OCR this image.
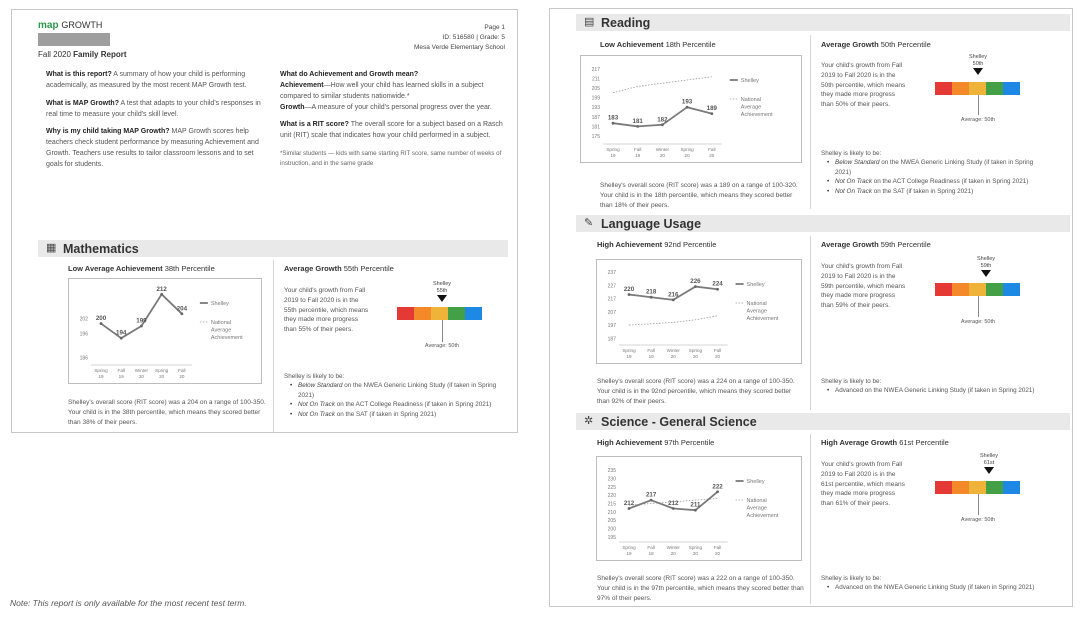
map GROWTH
Fall 2020 Family Report
Page 1
ID: 516580 | Grade: 5
Mesa Verde Elementary School

What is this report? A summary of how your child is performing academically, as measured by the most recent MAP Growth test.

What is MAP Growth? A test that adapts to your child's responses in real time to measure your child's skill level.

Why is my child taking MAP Growth? MAP Growth scores help teachers check student performance by measuring Achievement and Growth. Teachers use results to tailor classroom lessons and to set goals for students.

What do Achievement and Growth mean?
Achievement—How well your child has learned skills in a subject compared to similar students nationwide.*
Growth—A measure of your child's personal progress over the year.

What is a RIT score? The overall score for a subject based on a Rasch unit (RIT) scale that indicates how your child performed in a subject.

*Similar students — kids with same starting RIT score, same number of weeks of instruction, and in the same grade

▦ Mathematics
Low Average Achievement 38th Percentile
186
196
202
Spring
19
Fall
19
Winter
20
Spring
20
Fall
20
200
194
199
212
204
Shelley
National
Average
Achievement
Shelley's overall score (RIT score) was a 204 on a range of 100-350. Your child is in the 38th percentile, which means they scored better than 38% of their peers.
Average Growth 55th Percentile
Your child's growth from Fall 2019 to Fall 2020 is in the 55th percentile, which means they made more progress than 55% of their peers.
Shelley
55th
Average: 50th
Shelley is likely to be:
• Below Standard on the NWEA Generic Linking Study (if taken in Spring 2021)
• Not On Track on the ACT College Readiness (if taken in Spring 2021)
• Not On Track on the SAT (if taken in Spring 2021)
▤ Reading
Low Achievement 18th Percentile
175
181
187
193
199
205
211
217
Spring
19
Fall
19
Winter
20
Spring
20
Fall
20
183 181 182
193
189
Shelley
National
Average
Achievement
Shelley's overall score (RIT score) was a 189 on a range of 100-320. Your child is in the 18th percentile, which means they scored better than 18% of their peers.
Average Growth 50th Percentile
Your child's growth from Fall 2019 to Fall 2020 is in the 50th percentile, which means they made more progress than 50% of their peers.
Shelley
50th
Average: 50th
Shelley is likely to be:
• Below Standard on the NWEA Generic Linking Study (if taken in Spring 2021)
• Not On Track on the ACT College Readiness (if taken in Spring 2021)
• Not On Track on the SAT (if taken in Spring 2021)
✎ Language Usage
High Achievement 92nd Percentile
187
197
207
217
227
237
Spring
19
Fall
19
Winter
20
Spring
20
Fall
20
220 218 216
226 224	Shelley
National
Average
Achievement
Shelley's overall score (RIT score) was a 224 on a range of 100-350. Your child is in the 92nd percentile, which means they scored better than 92% of their peers.
Average Growth 59th Percentile
Your child's growth from Fall 2019 to Fall 2020 is in the 59th percentile, which means they made more progress than 59% of their peers.
Shelley
59th
Average: 50th
Shelley is likely to be:
• Advanced on the NWEA Generic Linking Study (if taken in Spring 2021)
✲ Science - General Science
High Achievement 97th Percentile
195
200
205
210
215
220
225
230
235
Spring
19
Fall
18
Winter
20
Spring
20
Fall
20
212
217
212 211
222
Shelley
National
Average
Achievement
Shelley's overall score (RIT score) was a 222 on a range of 100-350. Your child is in the 97th percentile, which means they scored better than 97% of their peers.
High Average Growth 61st Percentile
Your child's growth from Fall 2019 to Fall 2020 is in the 61st percentile, which means they made more progress than 61% of their peers.
Shelley
61st
Average: 50th
Shelley is likely to be:
• Advanced on the NWEA Generic Linking Study (if taken in Spring 2021)
Note: This report is only available for the most recent test term.
